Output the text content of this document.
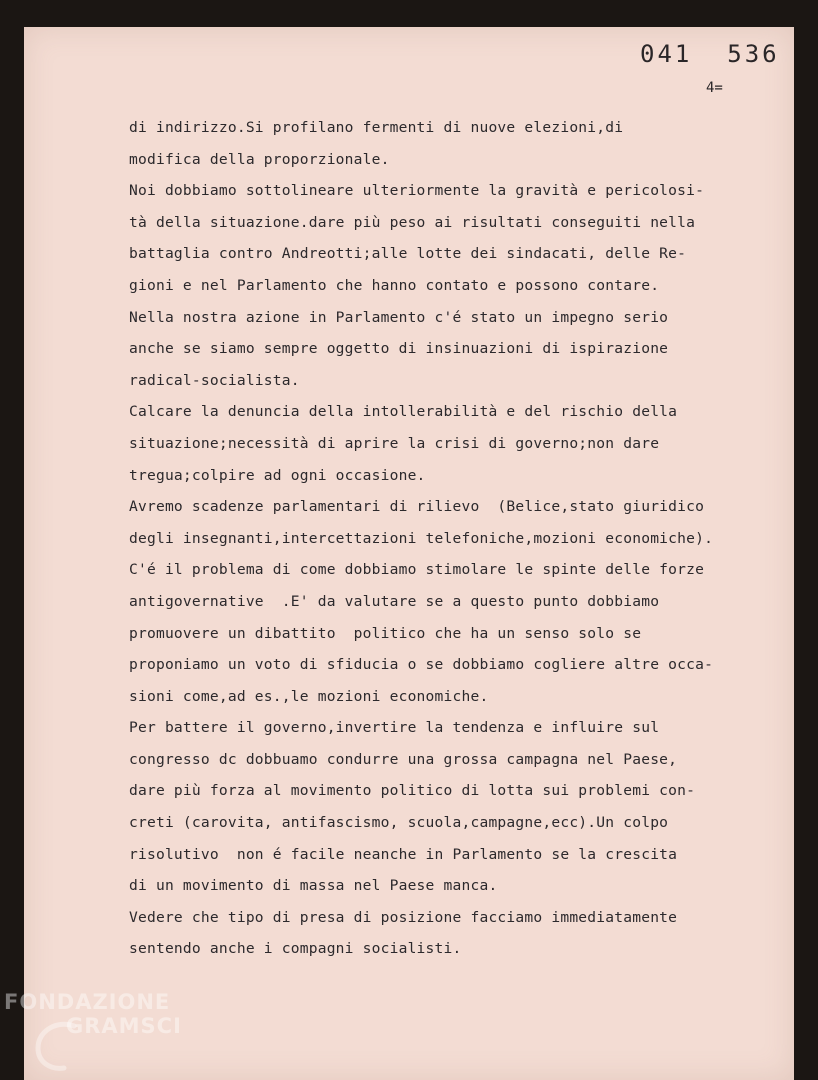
041  536
4=
di indirizzo.Si profilano fermenti di nuove elezioni,di
modifica della proporzionale.
Noi dobbiamo sottolineare ulteriormente la gravità e pericolosi-
tà della situazione.dare più peso ai risultati conseguiti nella
battaglia contro Andreotti;alle lotte dei sindacati, delle Re-
gioni e nel Parlamento che hanno contato e possono contare.
Nella nostra azione in Parlamento c'é stato un impegno serio
anche se siamo sempre oggetto di insinuazioni di ispirazione
radical-socialista.
Calcare la denuncia della intollerabilità e del rischio della
situazione;necessità di aprire la crisi di governo;non dare
tregua;colpire ad ogni occasione.
Avremo scadenze parlamentari di rilievo  (Belice,stato giuridico
degli insegnanti,intercettazioni telefoniche,mozioni economiche).
C'é il problema di come dobbiamo stimolare le spinte delle forze
antigovernative  .E' da valutare se a questo punto dobbiamo
promuovere un dibattito  politico che ha un senso solo se
proponiamo un voto di sfiducia o se dobbiamo cogliere altre occa-
sioni come,ad es.,le mozioni economiche.
Per battere il governo,invertire la tendenza e influire sul
congresso dc dobbuamo condurre una grossa campagna nel Paese,
dare più forza al movimento politico di lotta sui problemi con-
creti (carovita, antifascismo, scuola,campagne,ecc).Un colpo
risolutivo  non é facile neanche in Parlamento se la crescita
di un movimento di massa nel Paese manca.
Vedere che tipo di presa di posizione facciamo immediatamente
sentendo anche i compagni socialisti.
FONDAZIONE
GRAMSCI
